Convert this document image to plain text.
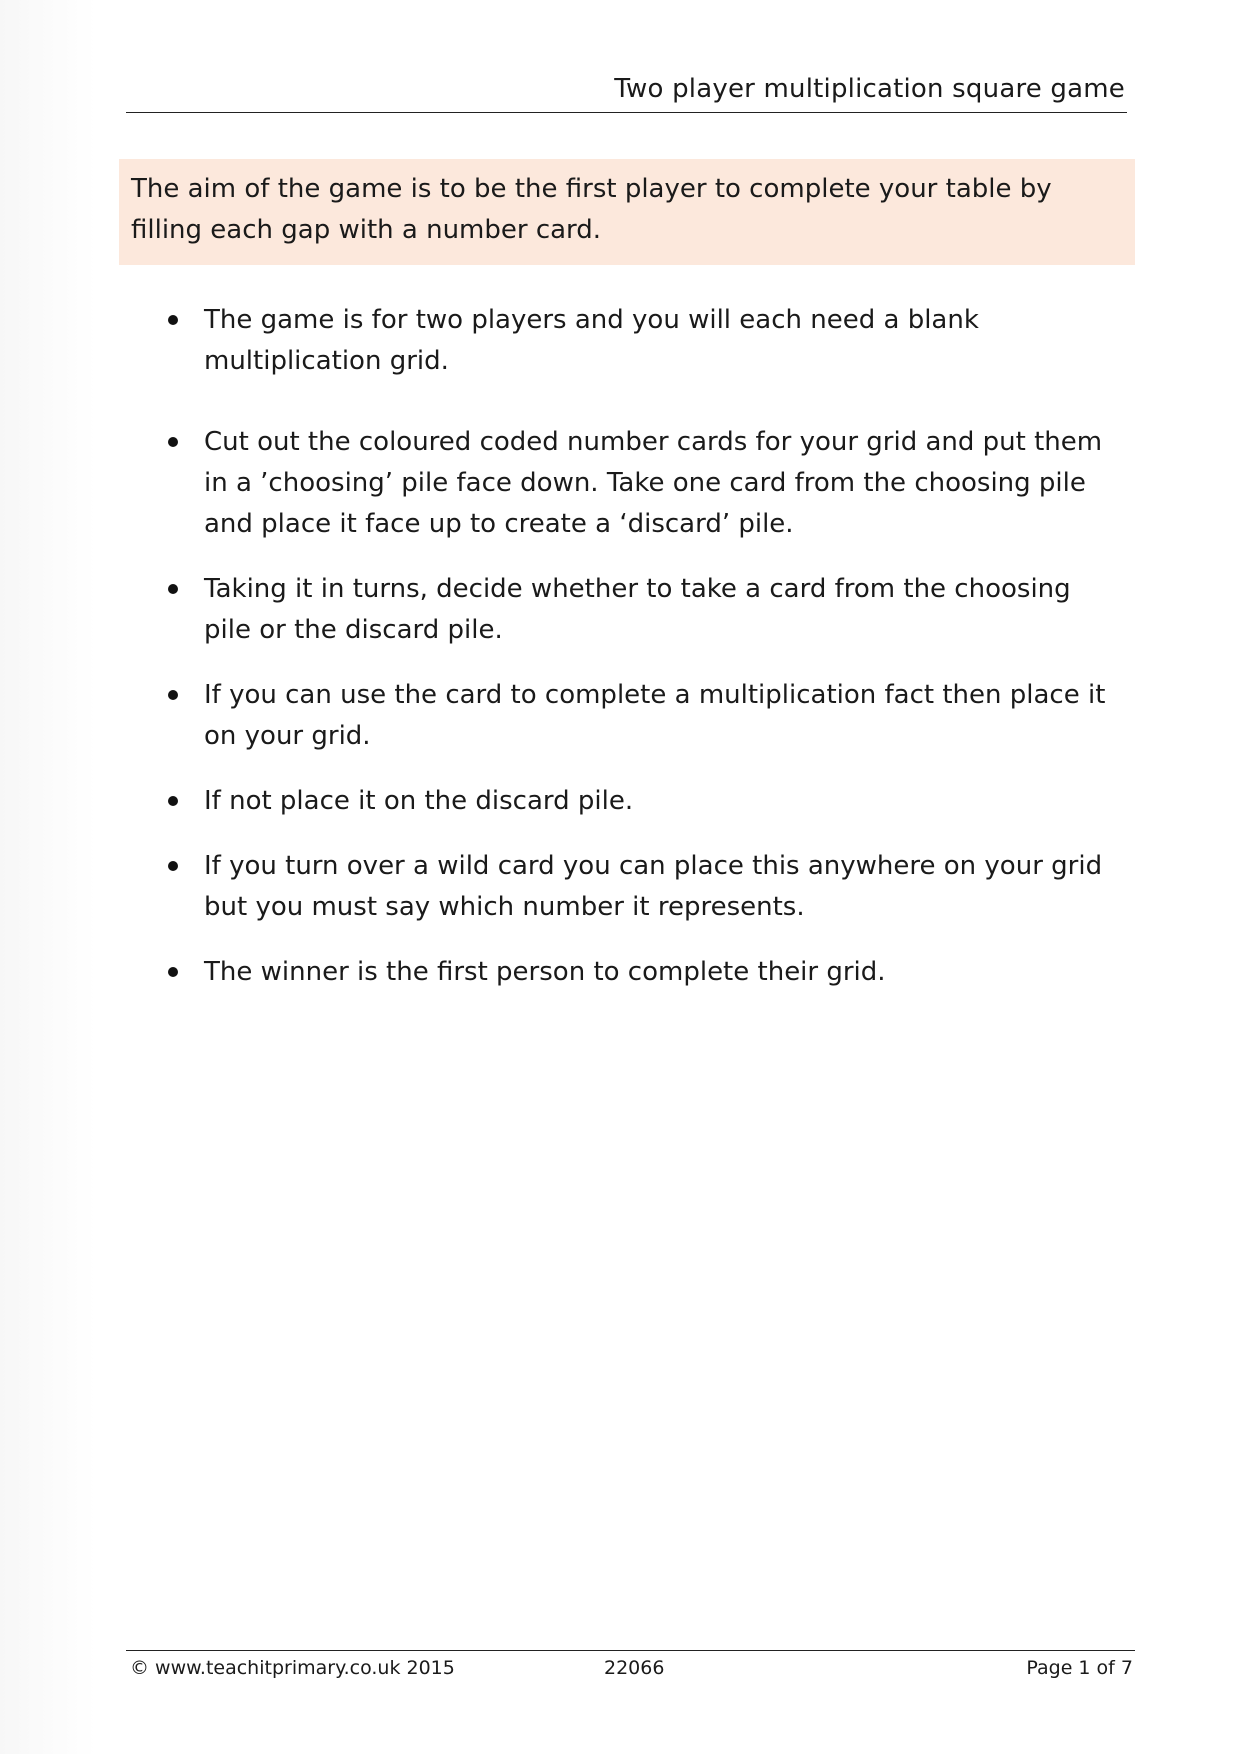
Two player multiplication square game
The aim of the game is to be the first player to complete your table by filling each gap with a number card.
The game is for two players and you will each need a blank multiplication grid.
Cut out the coloured coded number cards for your grid and put them in a ’choosing’ pile face down. Take one card from the choosing pile and place it face up to create a ‘discard’ pile.
Taking it in turns, decide whether to take a card from the choosing pile or the discard pile.
If you can use the card to complete a multiplication fact then place it on your grid.
If not place it on the discard pile.
If you turn over a wild card you can place this anywhere on your grid but you must say which number it represents.
The winner is the first person to complete their grid.
© www.teachitprimary.co.uk 2015	22066	Page 1 of 7
